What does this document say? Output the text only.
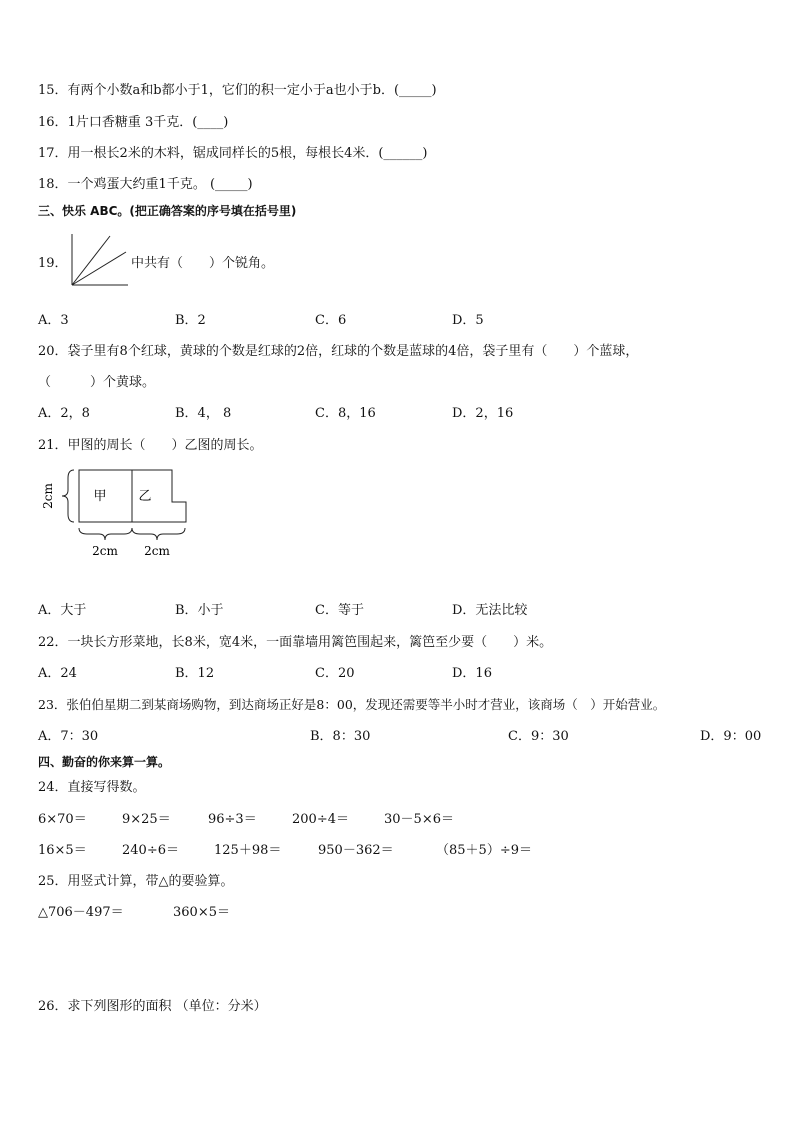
15．有两个小数a和b都小于1，它们的积一定小于a也小于b．(_____)
16．1片口香糖重 3千克．(____)
17．用一根长2米的木料，锯成同样长的5根，每根长4米．(______)
18．一个鸡蛋大约重1千克。 (_____)
三、快乐 ABC。(把正确答案的序号填在括号里)
19．	中共有（　　）个锐角。
A．3	B．2	C．6	D．5
20．袋子里有8个红球，黄球的个数是红球的2倍，红球的个数是蓝球的4倍，袋子里有（　　）个蓝球，
（　　　）个黄球。
A．2，8	B．4， 8	C．8，16	D．2，16
21．甲图的周长（　　）乙图的周长。
甲 乙
2cm
2cm 2cm
A．大于	B．小于	C．等于	D．无法比较
22．一块长方形菜地，长8米，宽4米，一面靠墙用篱笆围起来，篱笆至少要（　　）米。
A．24	B．12	C．20	D．16
23．张伯伯星期二到某商场购物，到达商场正好是8：00，发现还需要等半小时才营业，该商场（　）开始营业。
A．7：30	B．8：30	C．9：30	D．9：00
四、勤奋的你来算一算。
24．直接写得数。
6×70＝	9×25＝	96÷3＝	200÷4＝	30－5×6＝
16×5＝	240÷6＝	125＋98＝	950－362＝	（85＋5）÷9＝
25．用竖式计算，带△的要验算。
△706－497＝	360×5＝
26．求下列图形的面积 （单位：分米）
